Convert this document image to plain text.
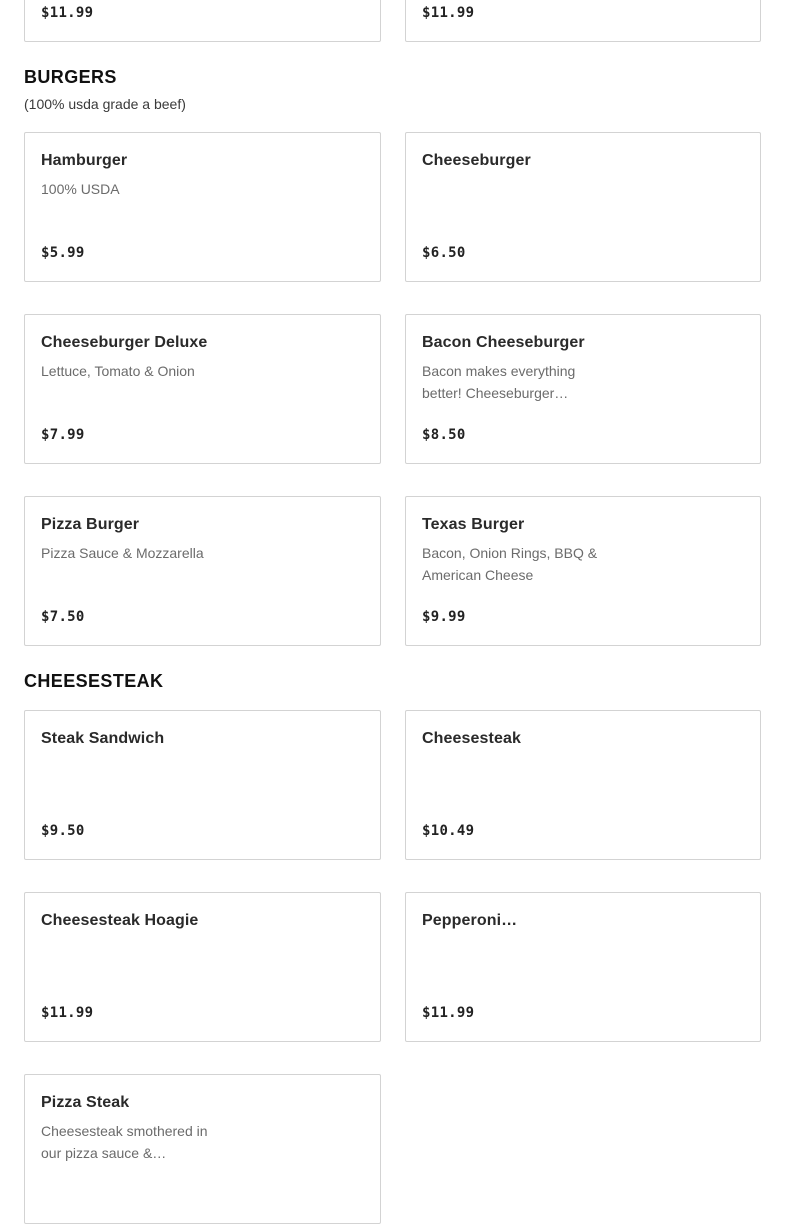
$11.99	$11.99
BURGERS
(100% usda grade a beef)
Hamburger
100% USDA
$5.99
Cheeseburger
$6.50
Cheeseburger Deluxe
Lettuce, Tomato & Onion
$7.99
Bacon Cheeseburger
Bacon makes everything better! Cheeseburger…
$8.50
Pizza Burger
Pizza Sauce & Mozzarella
$7.50
Texas Burger
Bacon, Onion Rings, BBQ & American Cheese
$9.99
CHEESESTEAK
Steak Sandwich
$9.50
Cheesesteak
$10.49
Cheesesteak Hoagie
$11.99
Pepperoni…
$11.99
Pizza Steak
Cheesesteak smothered in our pizza sauce &…
